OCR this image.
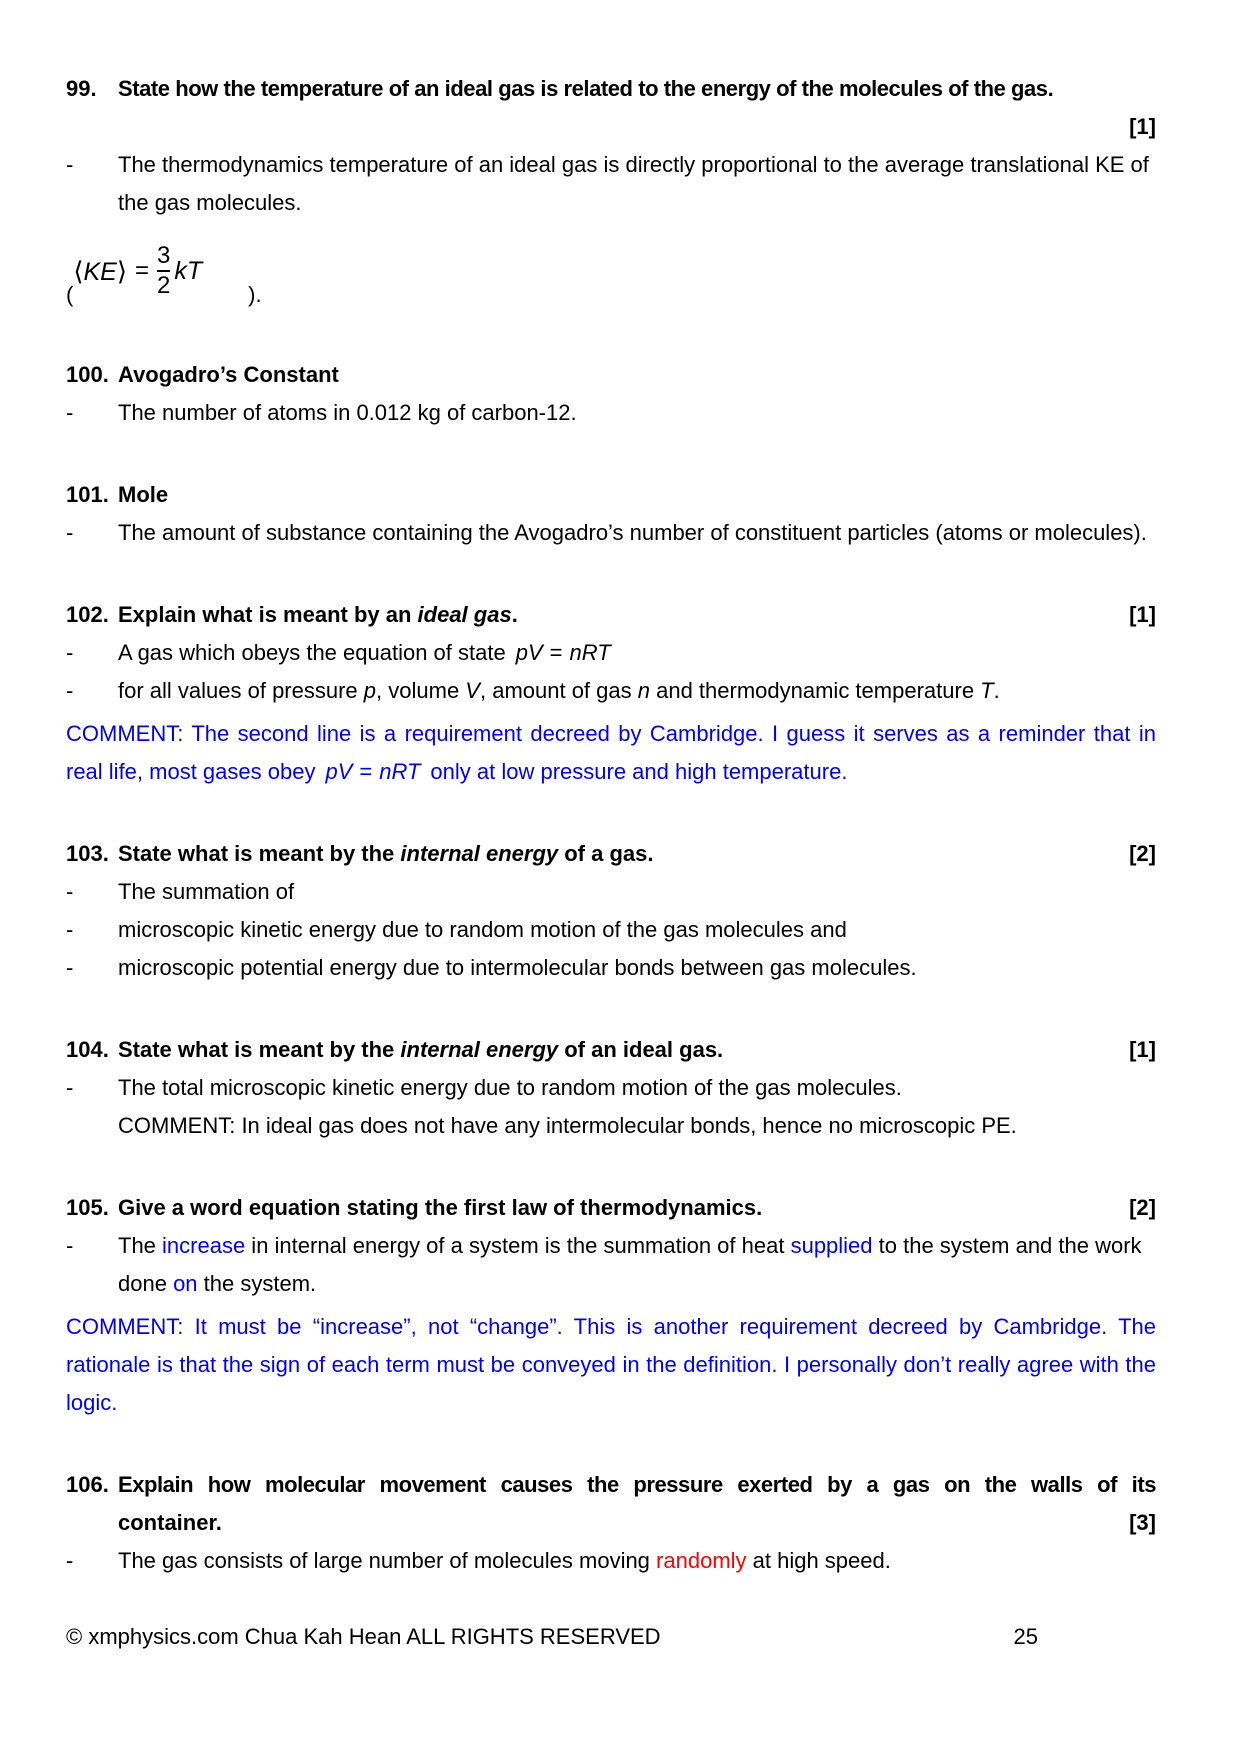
99. State how the temperature of an ideal gas is related to the energy of the molecules of the gas.
[1]
-	The thermodynamics temperature of an ideal gas is directly proportional to the average translational KE of the gas molecules.
(
⟨KE⟩ = $\frac{3}{2}$ kT
).
100. Avogadro’s Constant
-	The number of atoms in 0.012 kg of carbon-12.
101. Mole
-	The amount of substance containing the Avogadro’s number of constituent particles (atoms or molecules).
102. Explain what is meant by an ideal gas.	[1]
-	A gas which obeys the equation of state pV = nRT
-	for all values of pressure p, volume V, amount of gas n and thermodynamic temperature T.
COMMENT: The second line is a requirement decreed by Cambridge. I guess it serves as a reminder that in real life, most gases obey pV = nRT only at low pressure and high temperature.
103. State what is meant by the internal energy of a gas.	[2]
-	The summation of
-	microscopic kinetic energy due to random motion of the gas molecules and
-	microscopic potential energy due to intermolecular bonds between gas molecules.
104. State what is meant by the internal energy of an ideal gas.	[1]
-	The total microscopic kinetic energy due to random motion of the gas molecules.
COMMENT: In ideal gas does not have any intermolecular bonds, hence no microscopic PE.
105. Give a word equation stating the first law of thermodynamics.	[2]
-	The increase in internal energy of a system is the summation of heat supplied to the system and the work done on the system.
COMMENT: It must be “increase”, not “change”. This is another requirement decreed by Cambridge. The rationale is that the sign of each term must be conveyed in the definition. I personally don’t really agree with the logic.
106. Explain how molecular movement causes the pressure exerted by a gas on the walls of its
container.	[3]
-	The gas consists of large number of molecules moving randomly at high speed.
© xmphysics.com Chua Kah Hean ALL RIGHTS RESERVED	25
